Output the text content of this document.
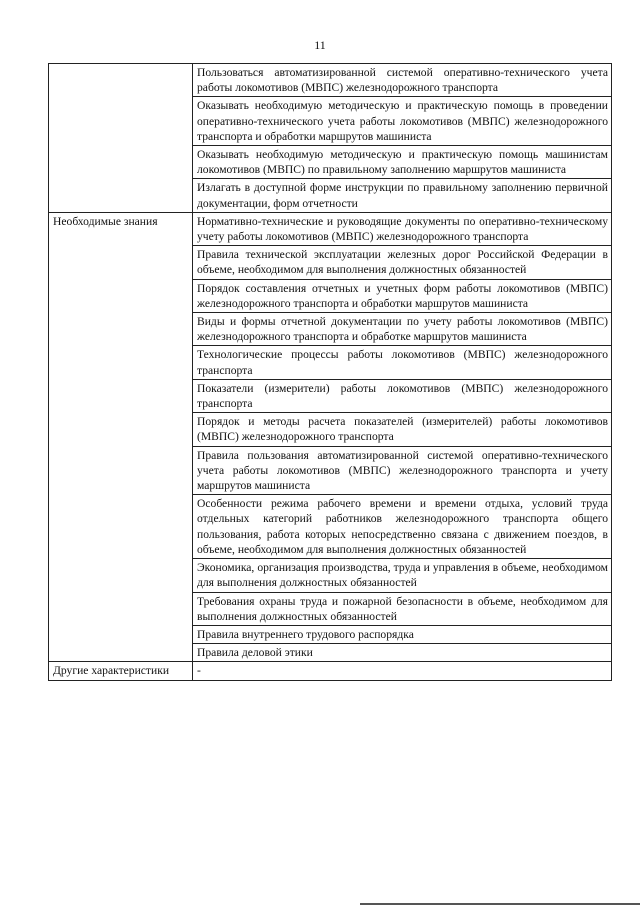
11
	Пользоваться автоматизированной системой оперативно-технического учета работы локомотивов (МВПС) железнодорожного транспорта
	Оказывать необходимую методическую и практическую помощь в проведении оперативно-технического учета работы локомотивов (МВПС) железнодорожного транспорта и обработки маршрутов машиниста
	Оказывать необходимую методическую и практическую помощь машинистам локомотивов (МВПС) по правильному заполнению маршрутов машиниста
	Излагать в доступной форме инструкции по правильному заполнению первичной документации, форм отчетности
Необходимые знания	Нормативно-технические и руководящие документы по оперативно-техническому учету работы локомотивов (МВПС) железнодорожного транспорта
	Правила технической эксплуатации железных дорог Российской Федерации в объеме, необходимом для выполнения должностных обязанностей
	Порядок составления отчетных и учетных форм работы локомотивов (МВПС) железнодорожного транспорта и обработки маршрутов машиниста
	Виды и формы отчетной документации по учету работы локомотивов (МВПС) железнодорожного транспорта и обработке маршрутов машиниста
	Технологические процессы работы локомотивов (МВПС) железнодорожного транспорта
	Показатели (измерители) работы локомотивов (МВПС) железнодорожного транспорта
	Порядок и методы расчета показателей (измерителей) работы локомотивов (МВПС) железнодорожного транспорта
	Правила пользования автоматизированной системой оперативно-технического учета работы локомотивов (МВПС) железнодорожного транспорта и учету маршрутов машиниста
	Особенности режима рабочего времени и времени отдыха, условий труда отдельных категорий работников железнодорожного транспорта общего пользования, работа которых непосредственно связана с движением поездов, в объеме, необходимом для выполнения должностных обязанностей
	Экономика, организация производства, труда и управления в объеме, необходимом для выполнения должностных обязанностей
	Требования охраны труда и пожарной безопасности в объеме, необходимом для выполнения должностных обязанностей
	Правила внутреннего трудового распорядка
	Правила деловой этики
Другие характеристики	-
